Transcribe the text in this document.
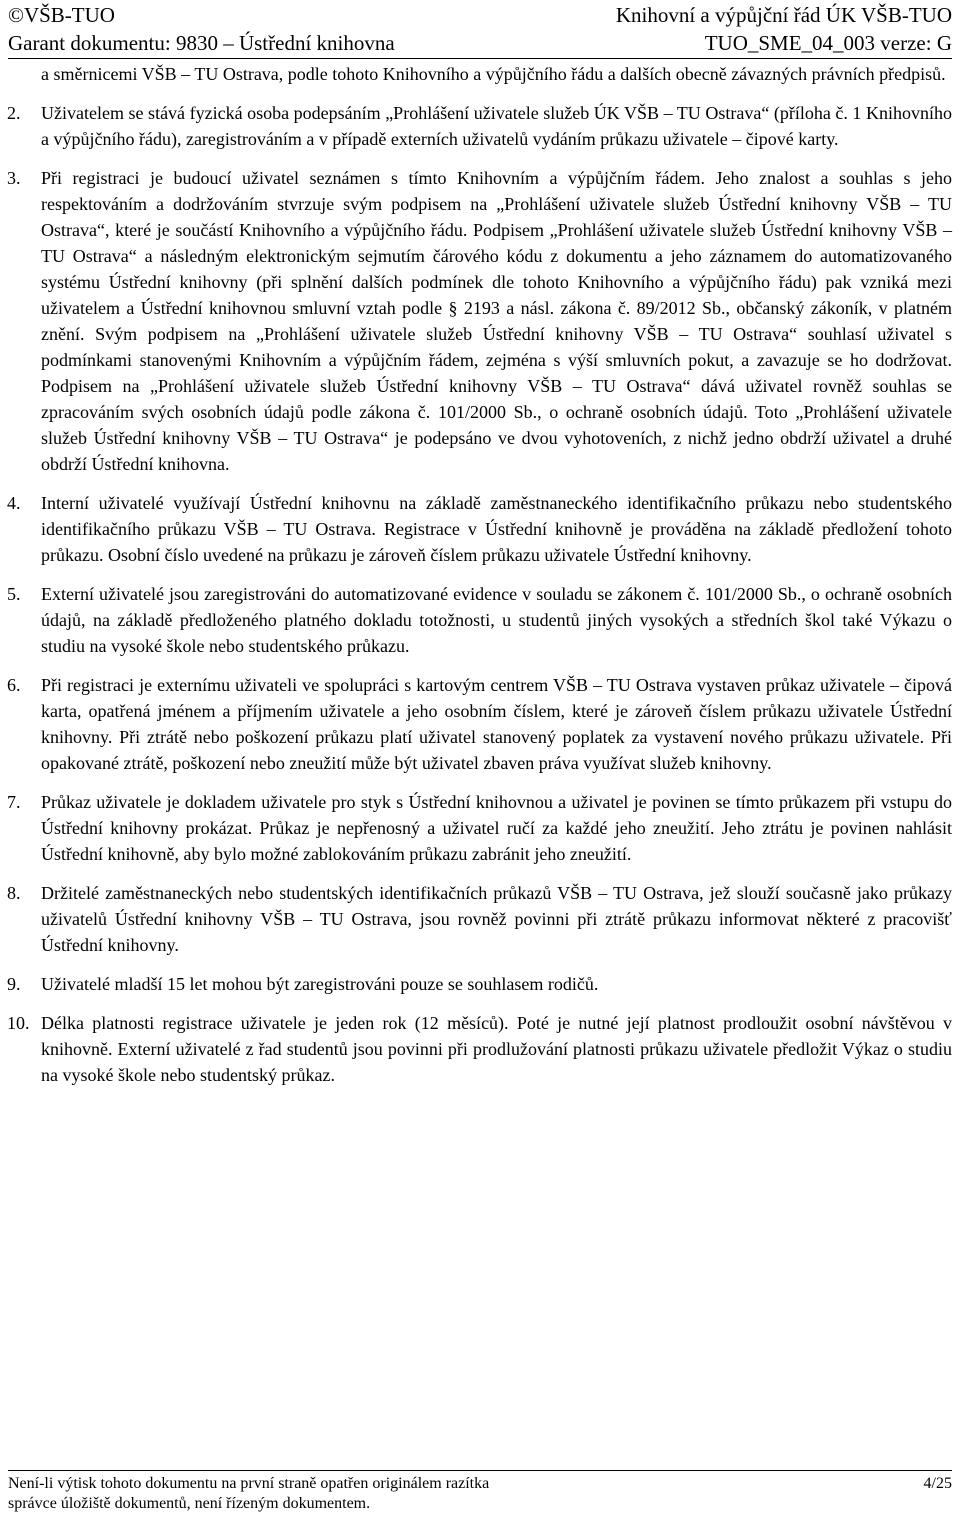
©VŠB-TUO	Knihovní a výpůjční řád ÚK VŠB-TUO
Garant dokumentu: 9830 – Ústřední knihovna	TUO_SME_04_003 verze: G

a směrnicemi VŠB – TU Ostrava, podle tohoto Knihovního a výpůjčního řádu a dalších obecně závazných právních předpisů.

2. Uživatelem se stává fyzická osoba podepsáním „Prohlášení uživatele služeb ÚK VŠB – TU Ostrava“ (příloha č. 1 Knihovního a výpůjčního řádu), zaregistrováním a v případě externích uživatelů vydáním průkazu uživatele – čipové karty.

3. Při registraci je budoucí uživatel seznámen s tímto Knihovním a výpůjčním řádem. Jeho znalost a souhlas s jeho respektováním a dodržováním stvrzuje svým podpisem na „Prohlášení uživatele služeb Ústřední knihovny VŠB – TU Ostrava“, které je součástí Knihovního a výpůjčního řádu. Podpisem „Prohlášení uživatele služeb Ústřední knihovny VŠB – TU Ostrava“ a následným elektronickým sejmutím čárového kódu z dokumentu a jeho záznamem do automatizovaného systému Ústřední knihovny (při splnění dalších podmínek dle tohoto Knihovního a výpůjčního řádu) pak vzniká mezi uživatelem a Ústřední knihovnou smluvní vztah podle § 2193 a násl. zákona č. 89/2012 Sb., občanský zákoník, v platném znění. Svým podpisem na „Prohlášení uživatele služeb Ústřední knihovny VŠB – TU Ostrava“ souhlasí uživatel s podmínkami stanovenými Knihovním a výpůjčním řádem, zejména s výší smluvních pokut, a zavazuje se ho dodržovat. Podpisem na „Prohlášení uživatele služeb Ústřední knihovny VŠB – TU Ostrava“ dává uživatel rovněž souhlas se zpracováním svých osobních údajů podle zákona č. 101/2000 Sb., o ochraně osobních údajů. Toto „Prohlášení uživatele služeb Ústřední knihovny VŠB – TU Ostrava“ je podepsáno ve dvou vyhotoveních, z nichž jedno obdrží uživatel a druhé obdrží Ústřední knihovna.

4. Interní uživatelé využívají Ústřední knihovnu na základě zaměstnaneckého identifikačního průkazu nebo studentského identifikačního průkazu VŠB – TU Ostrava. Registrace v Ústřední knihovně je prováděna na základě předložení tohoto průkazu. Osobní číslo uvedené na průkazu je zároveň číslem průkazu uživatele Ústřední knihovny.

5. Externí uživatelé jsou zaregistrováni do automatizované evidence v souladu se zákonem č. 101/2000 Sb., o ochraně osobních údajů, na základě předloženého platného dokladu totožnosti, u studentů jiných vysokých a středních škol také Výkazu o studiu na vysoké škole nebo studentského průkazu.

6. Při registraci je externímu uživateli ve spolupráci s kartovým centrem VŠB – TU Ostrava vystaven průkaz uživatele – čipová karta, opatřená jménem a příjmením uživatele a jeho osobním číslem, které je zároveň číslem průkazu uživatele Ústřední knihovny. Při ztrátě nebo poškození průkazu platí uživatel stanovený poplatek za vystavení nového průkazu uživatele. Při opakované ztrátě, poškození nebo zneužití může být uživatel zbaven práva využívat služeb knihovny.

7. Průkaz uživatele je dokladem uživatele pro styk s Ústřední knihovnou a uživatel je povinen se tímto průkazem při vstupu do Ústřední knihovny prokázat. Průkaz je nepřenosný a uživatel ručí za každé jeho zneužití. Jeho ztrátu je povinen nahlásit Ústřední knihovně, aby bylo možné zablokováním průkazu zabránit jeho zneužití.

8. Držitelé zaměstnaneckých nebo studentských identifikačních průkazů VŠB – TU Ostrava, jež slouží současně jako průkazy uživatelů Ústřední knihovny VŠB – TU Ostrava, jsou rovněž povinni při ztrátě průkazu informovat některé z pracovišť Ústřední knihovny.

9. Uživatelé mladší 15 let mohou být zaregistrováni pouze se souhlasem rodičů.

10. Délka platnosti registrace uživatele je jeden rok (12 měsíců). Poté je nutné její platnost prodloužit osobní návštěvou v knihovně. Externí uživatelé z řad studentů jsou povinni při prodlužování platnosti průkazu uživatele předložit Výkaz o studiu na vysoké škole nebo studentský průkaz.

Není-li výtisk tohoto dokumentu na první straně opatřen originálem razítka	4/25
správce úložiště dokumentů, není řízeným dokumentem.
